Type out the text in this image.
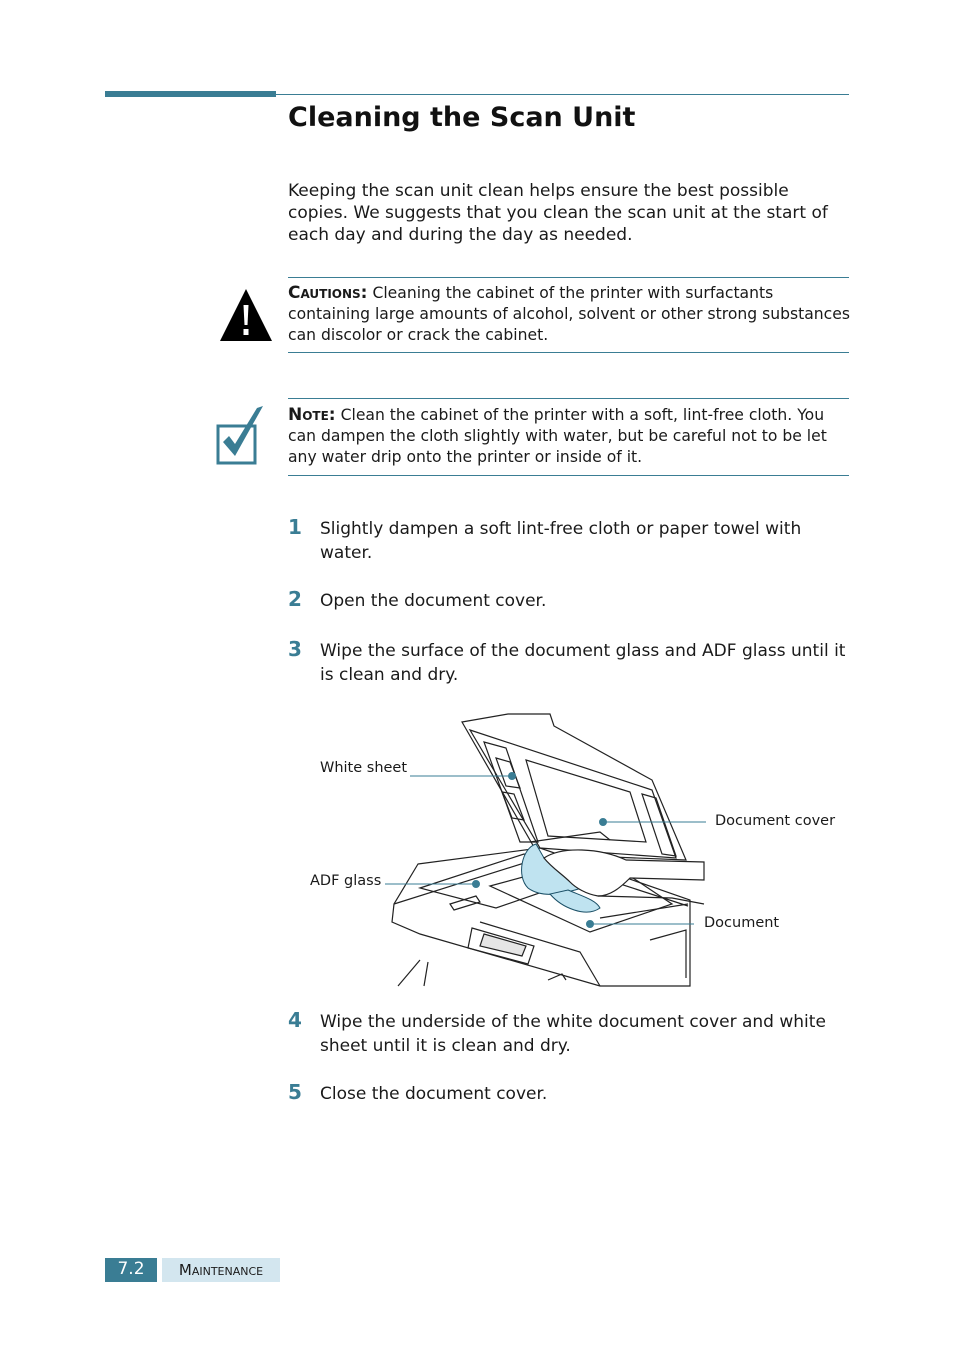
Cleaning the Scan Unit

Keeping the scan unit clean helps ensure the best possible copies. We suggests that you clean the scan unit at the start of each day and during the day as needed.

Cautions: Cleaning the cabinet of the printer with surfactants containing large amounts of alcohol, solvent or other strong substances can discolor or crack the cabinet.

Note: Clean the cabinet of the printer with a soft, lint-free cloth. You can dampen the cloth slightly with water, but be careful not to be let any water drip onto the printer or inside of it.

1 Slightly dampen a soft lint-free cloth or paper towel with water.

2 Open the document cover.

3 Wipe the surface of the document glass and ADF glass until it is clean and dry.

White sheet
Document cover
ADF glass
Document
4 Wipe the underside of the white document cover and white sheet until it is clean and dry.

5 Close the document cover.

7.2	Maintenance
